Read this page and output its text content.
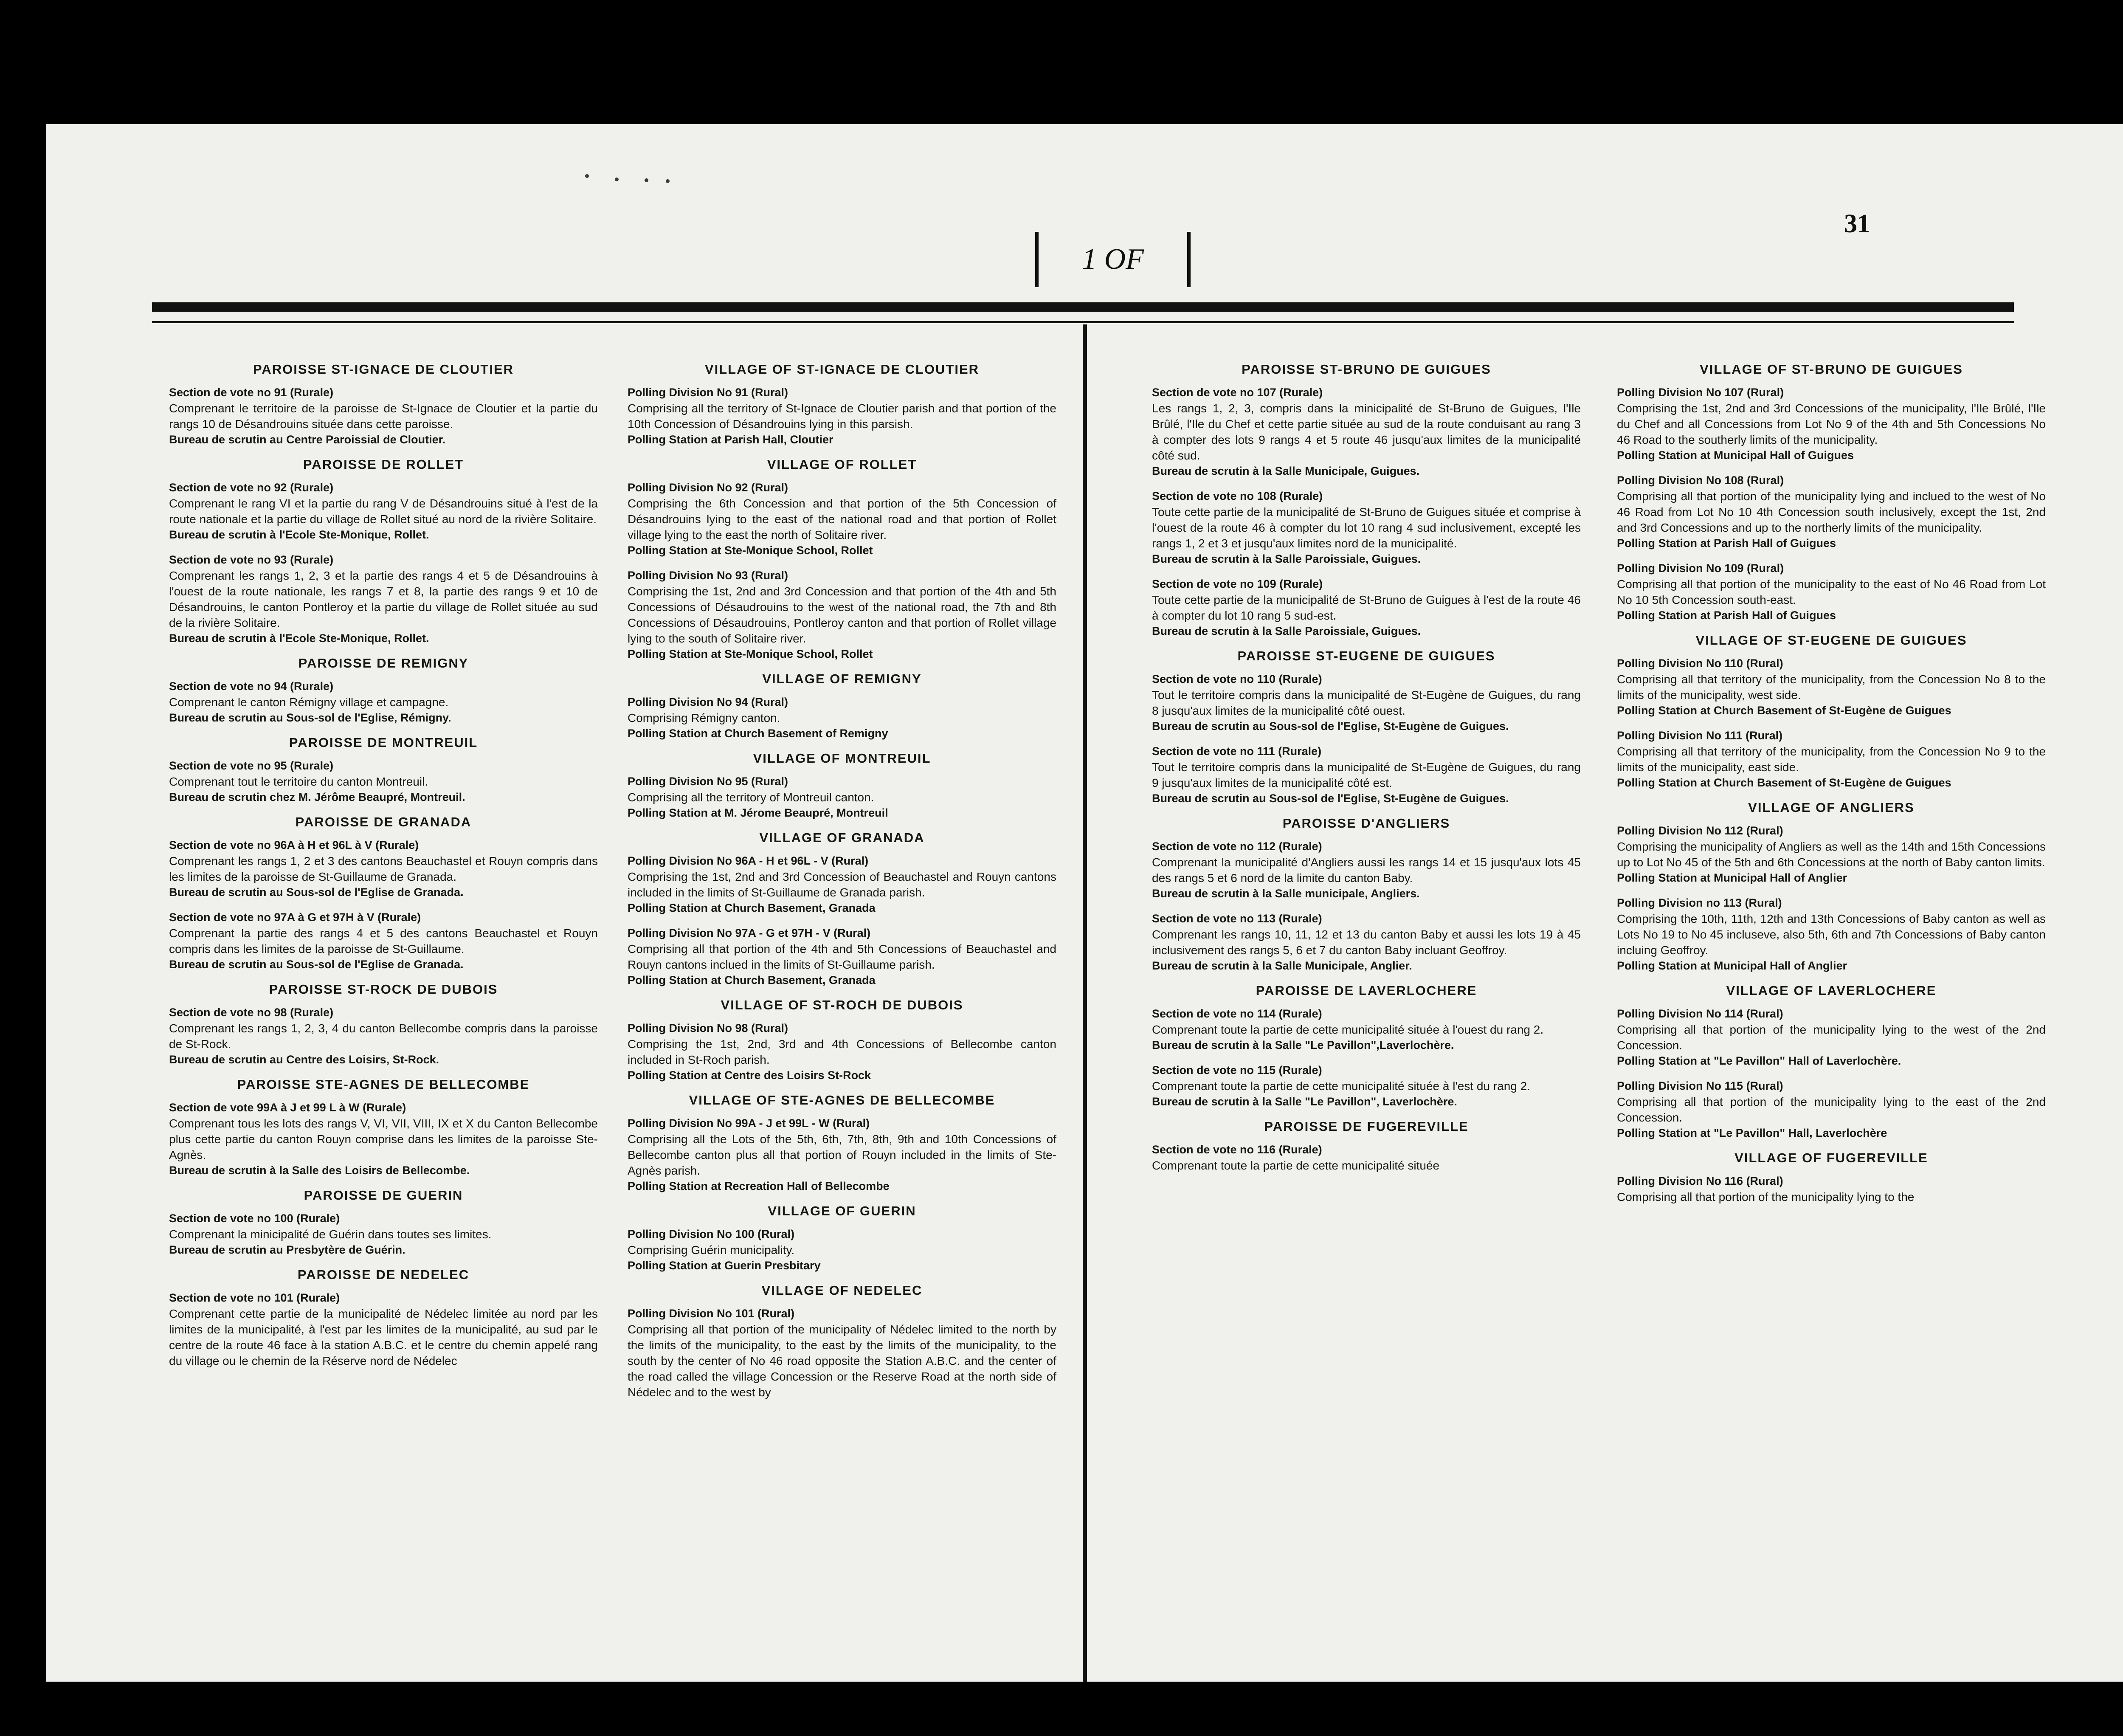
1 OF
31
PAROISSE ST-IGNACE DE CLOUTIER
Section de vote no 91 (Rurale)
Comprenant le territoire de la paroisse de St-Ignace de Cloutier et la partie du rangs 10 de Désandrouins située dans cette paroisse.
Bureau de scrutin au Centre Paroissial de Cloutier.
PAROISSE DE ROLLET
Section de vote no 92 (Rurale)
Comprenant le rang VI et la partie du rang V de Désandrouins situé à l'est de la route nationale et la partie du village de Rollet situé au nord de la rivière Solitaire.
Bureau de scrutin à l'Ecole Ste-Monique, Rollet.
Section de vote no 93 (Rurale)
Comprenant les rangs 1, 2, 3 et la partie des rangs 4 et 5 de Désandrouins à l'ouest de la route nationale, les rangs 7 et 8, la partie des rangs 9 et 10 de Désandrouins, le canton Pontleroy et la partie du village de Rollet située au sud de la rivière Solitaire.
Bureau de scrutin à l'Ecole Ste-Monique, Rollet.
PAROISSE DE REMIGNY
Section de vote no 94 (Rurale)
Comprenant le canton Rémigny village et campagne.
Bureau de scrutin au Sous-sol de l'Eglise, Rémigny.
PAROISSE DE MONTREUIL
Section de vote no 95 (Rurale)
Comprenant tout le territoire du canton Montreuil.
Bureau de scrutin chez M. Jérôme Beaupré, Montreuil.
PAROISSE DE GRANADA
Section de vote no 96A à H et 96L à V (Rurale)
Comprenant les rangs 1, 2 et 3 des cantons Beauchastel et Rouyn compris dans les limites de la paroisse de St-Guillaume de Granada.
Bureau de scrutin au Sous-sol de l'Eglise de Granada.
Section de vote no 97A à G et 97H à V (Rurale)
Comprenant la partie des rangs 4 et 5 des cantons Beauchastel et Rouyn compris dans les limites de la paroisse de St-Guillaume.
Bureau de scrutin au Sous-sol de l'Eglise de Granada.
PAROISSE ST-ROCK DE DUBOIS
Section de vote no 98 (Rurale)
Comprenant les rangs 1, 2, 3, 4 du canton Bellecombe compris dans la paroisse de St-Rock.
Bureau de scrutin au Centre des Loisirs, St-Rock.
PAROISSE STE-AGNES DE BELLECOMBE
Section de vote 99A à J et 99 L à W (Rurale)
Comprenant tous les lots des rangs V, VI, VII, VIII, IX et X du Canton Bellecombe plus cette partie du canton Rouyn comprise dans les limites de la paroisse Ste-Agnès.
Bureau de scrutin à la Salle des Loisirs de Bellecombe.
PAROISSE DE GUERIN
Section de vote no 100 (Rurale)
Comprenant la minicipalité de Guérin dans toutes ses limites.
Bureau de scrutin au Presbytère de Guérin.
PAROISSE DE NEDELEC
Section de vote no 101 (Rurale)
Comprenant cette partie de la municipalité de Nédelec limitée au nord par les limites de la municipalité, à l'est par les limites de la municipalité, au sud par le centre de la route 46 face à la station A.B.C. et le centre du chemin appelé rang du village ou le chemin de la Réserve nord de Nédelec
VILLAGE OF ST-IGNACE DE CLOUTIER
Polling Division No 91 (Rural)
Comprising all the territory of St-Ignace de Cloutier parish and that portion of the 10th Concession of Désandrouins lying in this parsish.
Polling Station at Parish Hall, Cloutier
VILLAGE OF ROLLET
Polling Division No 92 (Rural)
Comprising the 6th Concession and that portion of the 5th Concession of Désandrouins lying to the east of the national road and that portion of Rollet village lying to the east the north of Solitaire river.
Polling Station at Ste-Monique School, Rollet
Polling Division No 93 (Rural)
Comprising the 1st, 2nd and 3rd Concession and that portion of the 4th and 5th Concessions of Désaudrouins to the west of the national road, the 7th and 8th Concessions of Désaudrouins, Pontleroy canton and that portion of Rollet village lying to the south of Solitaire river.
Polling Station at Ste-Monique School, Rollet
VILLAGE OF REMIGNY
Polling Division No 94 (Rural)
Comprising Rémigny canton.
Polling Station at Church Basement of Remigny
VILLAGE OF MONTREUIL
Polling Division No 95 (Rural)
Comprising all the territory of Montreuil canton.
Polling Station at M. Jérome Beaupré, Montreuil
VILLAGE OF GRANADA
Polling Division No 96A - H et 96L - V (Rural)
Comprising the 1st, 2nd and 3rd Concession of Beauchastel and Rouyn cantons included in the limits of St-Guillaume de Granada parish.
Polling Station at Church Basement, Granada
Polling Division No 97A - G et 97H - V (Rural)
Comprising all that portion of the 4th and 5th Concessions of Beauchastel and Rouyn cantons inclued in the limits of St-Guillaume parish.
Polling Station at Church Basement, Granada
VILLAGE OF ST-ROCH DE DUBOIS
Polling Division No 98 (Rural)
Comprising the 1st, 2nd, 3rd and 4th Concessions of Bellecombe canton included in St-Roch parish.
Polling Station at Centre des Loisirs St-Rock
VILLAGE OF STE-AGNES DE BELLECOMBE
Polling Division No 99A - J et 99L - W (Rural)
Comprising all the Lots of the 5th, 6th, 7th, 8th, 9th and 10th Concessions of Bellecombe canton plus all that portion of Rouyn included in the limits of Ste-Agnès parish.
Polling Station at Recreation Hall of Bellecombe
VILLAGE OF GUERIN
Polling Division No 100 (Rural)
Comprising Guérin municipality.
Polling Station at Guerin Presbitary
VILLAGE OF NEDELEC
Polling Division No 101 (Rural)
Comprising all that portion of the municipality of Nédelec limited to the north by the limits of the municipality, to the east by the limits of the municipality, to the south by the center of No 46 road opposite the Station A.B.C. and the center of the road called the village Concession or the Reserve Road at the north side of Nédelec and to the west by
PAROISSE ST-BRUNO DE GUIGUES
Section de vote no 107 (Rurale)
Les rangs 1, 2, 3, compris dans la minicipalité de St-Bruno de Guigues, l'Ile Brûlé, l'Ile du Chef et cette partie située au sud de la route conduisant au rang 3 à compter des lots 9 rangs 4 et 5 route 46 jusqu'aux limites de la municipalité côté sud.
Bureau de scrutin à la Salle Municipale, Guigues.
Section de vote no 108 (Rurale)
Toute cette partie de la municipalité de St-Bruno de Guigues située et comprise à l'ouest de la route 46 à compter du lot 10 rang 4 sud inclusivement, excepté les rangs 1, 2 et 3 et jusqu'aux limites nord de la municipalité.
Bureau de scrutin à la Salle Paroissiale, Guigues.
Section de vote no 109 (Rurale)
Toute cette partie de la municipalité de St-Bruno de Guigues à l'est de la route 46 à compter du lot 10 rang 5 sud-est.
Bureau de scrutin à la Salle Paroissiale, Guigues.
PAROISSE ST-EUGENE DE GUIGUES
Section de vote no 110 (Rurale)
Tout le territoire compris dans la municipalité de St-Eugène de Guigues, du rang 8 jusqu'aux limites de la municipalité côté ouest.
Bureau de scrutin au Sous-sol de l'Eglise, St-Eugène de Guigues.
Section de vote no 111 (Rurale)
Tout le territoire compris dans la municipalité de St-Eugène de Guigues, du rang 9 jusqu'aux limites de la municipalité côté est.
Bureau de scrutin au Sous-sol de l'Eglise, St-Eugène de Guigues.
PAROISSE D'ANGLIERS
Section de vote no 112 (Rurale)
Comprenant la municipalité d'Angliers aussi les rangs 14 et 15 jusqu'aux lots 45 des rangs 5 et 6 nord de la limite du canton Baby.
Bureau de scrutin à la Salle municipale, Angliers.
Section de vote no 113 (Rurale)
Comprenant les rangs 10, 11, 12 et 13 du canton Baby et aussi les lots 19 à 45 inclusivement des rangs 5, 6 et 7 du canton Baby incluant Geoffroy.
Bureau de scrutin à la Salle Municipale, Anglier.
PAROISSE DE LAVERLOCHERE
Section de vote no 114 (Rurale)
Comprenant toute la partie de cette municipalité située à l'ouest du rang 2.
Bureau de scrutin à la Salle "Le Pavillon",Laverlochère.
Section de vote no 115 (Rurale)
Comprenant toute la partie de cette municipalité située à l'est du rang 2.
Bureau de scrutin à la Salle "Le Pavillon", Laverlochère.
PAROISSE DE FUGEREVILLE
Section de vote no 116 (Rurale)
Comprenant toute la partie de cette municipalité située
VILLAGE OF ST-BRUNO DE GUIGUES
Polling Division No 107 (Rural)
Comprising the 1st, 2nd and 3rd Concessions of the municipality, l'Ile Brûlé, l'Ile du Chef and all Concessions from Lot No 9 of the 4th and 5th Concessions No 46 Road to the southerly limits of the municipality.
Polling Station at Municipal Hall of Guigues
Polling Division No 108 (Rural)
Comprising all that portion of the municipality lying and inclued to the west of No 46 Road from Lot No 10 4th Concession south inclusively, except the 1st, 2nd and 3rd Concessions and up to the northerly limits of the municipality.
Polling Station at Parish Hall of Guigues
Polling Division No 109 (Rural)
Comprising all that portion of the municipality to the east of No 46 Road from Lot No 10 5th Concession south-east.
Polling Station at Parish Hall of Guigues
VILLAGE OF ST-EUGENE DE GUIGUES
Polling Division No 110 (Rural)
Comprising all that territory of the municipality, from the Concession No 8 to the limits of the municipality, west side.
Polling Station at Church Basement of St-Eugène de Guigues
Polling Division No 111 (Rural)
Comprising all that territory of the municipality, from the Concession No 9 to the limits of the municipality, east side.
Polling Station at Church Basement of St-Eugène de Guigues
VILLAGE OF ANGLIERS
Polling Division No 112 (Rural)
Comprising the municipality of Angliers as well as the 14th and 15th Concessions up to Lot No 45 of the 5th and 6th Concessions at the north of Baby canton limits.
Polling Station at Municipal Hall of Anglier
Polling Division no 113 (Rural)
Comprising the 10th, 11th, 12th and 13th Concessions of Baby canton as well as Lots No 19 to No 45 incluseve, also 5th, 6th and 7th Concessions of Baby canton incluing Geoffroy.
Polling Station at Municipal Hall of Anglier
VILLAGE OF LAVERLOCHERE
Polling Division No 114 (Rural)
Comprising all that portion of the municipality lying to the west of the 2nd Concession.
Polling Station at "Le Pavillon" Hall of Laverlochère.
Polling Division No 115 (Rural)
Comprising all that portion of the municipality lying to the east of the 2nd Concession.
Polling Station at "Le Pavillon" Hall, Laverlochère
VILLAGE OF FUGEREVILLE
Polling Division No 116 (Rural)
Comprising all that portion of the municipality lying to the
